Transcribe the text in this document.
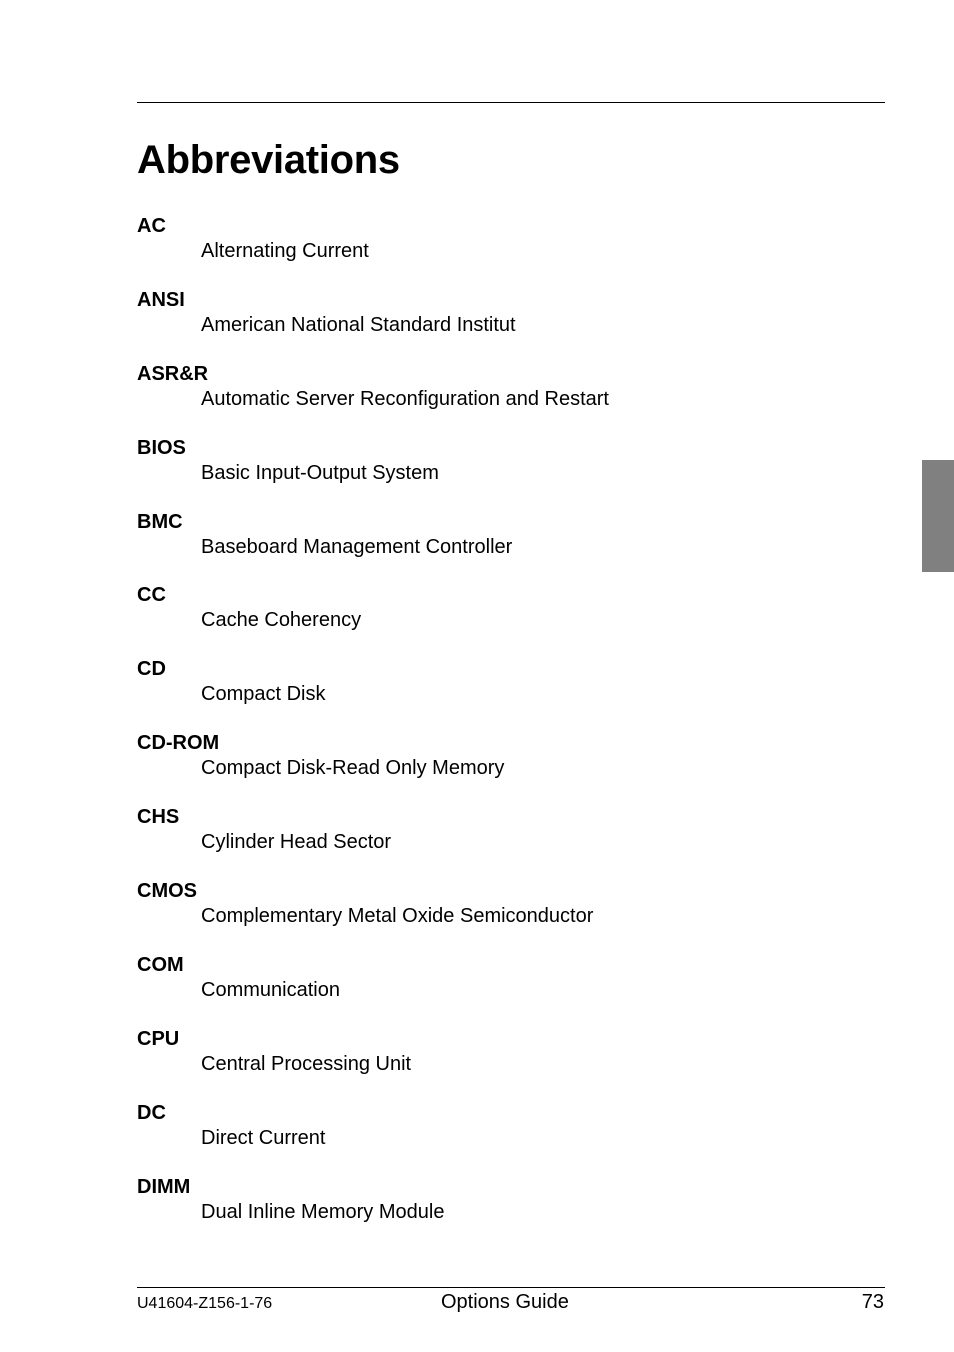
Abbreviations
AC
Alternating Current
ANSI
American National Standard Institut
ASR&R
Automatic Server Reconfiguration and Restart
BIOS
Basic Input-Output System
BMC
Baseboard Management Controller
CC
Cache Coherency
CD
Compact Disk
CD-ROM
Compact Disk-Read Only Memory
CHS
Cylinder Head Sector
CMOS
Complementary Metal Oxide Semiconductor
COM
Communication
CPU
Central Processing Unit
DC
Direct Current
DIMM
Dual Inline Memory Module
U41604-Z156-1-76	Options Guide	73
